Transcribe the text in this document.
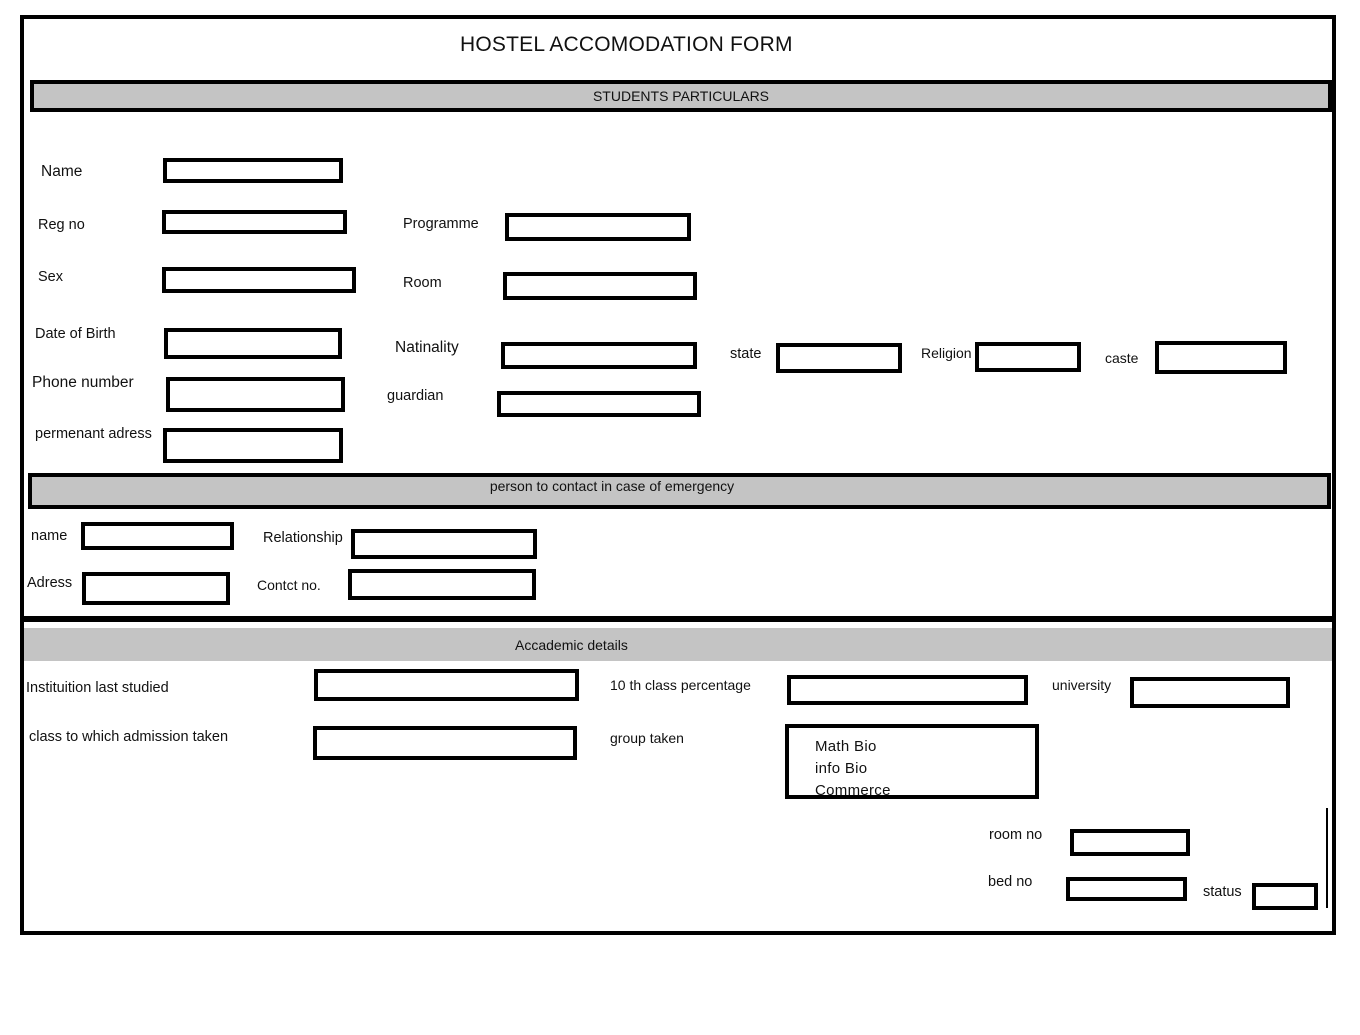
HOSTEL ACCOMODATION FORM
STUDENTS PARTICULARS
Name
Reg no	Programme
Sex	Room
Date of Birth
Natinality	state	Religion	caste
Phone number
guardian
permenant adress
person to contact in case of emergency
name	Relationship
Adress	Contct no.
Accademic details
Instituition last studied	10 th class percentage	university
class to which admission taken	group taken	Math Bio
info Bio
Commerce
room no
bed no
status
